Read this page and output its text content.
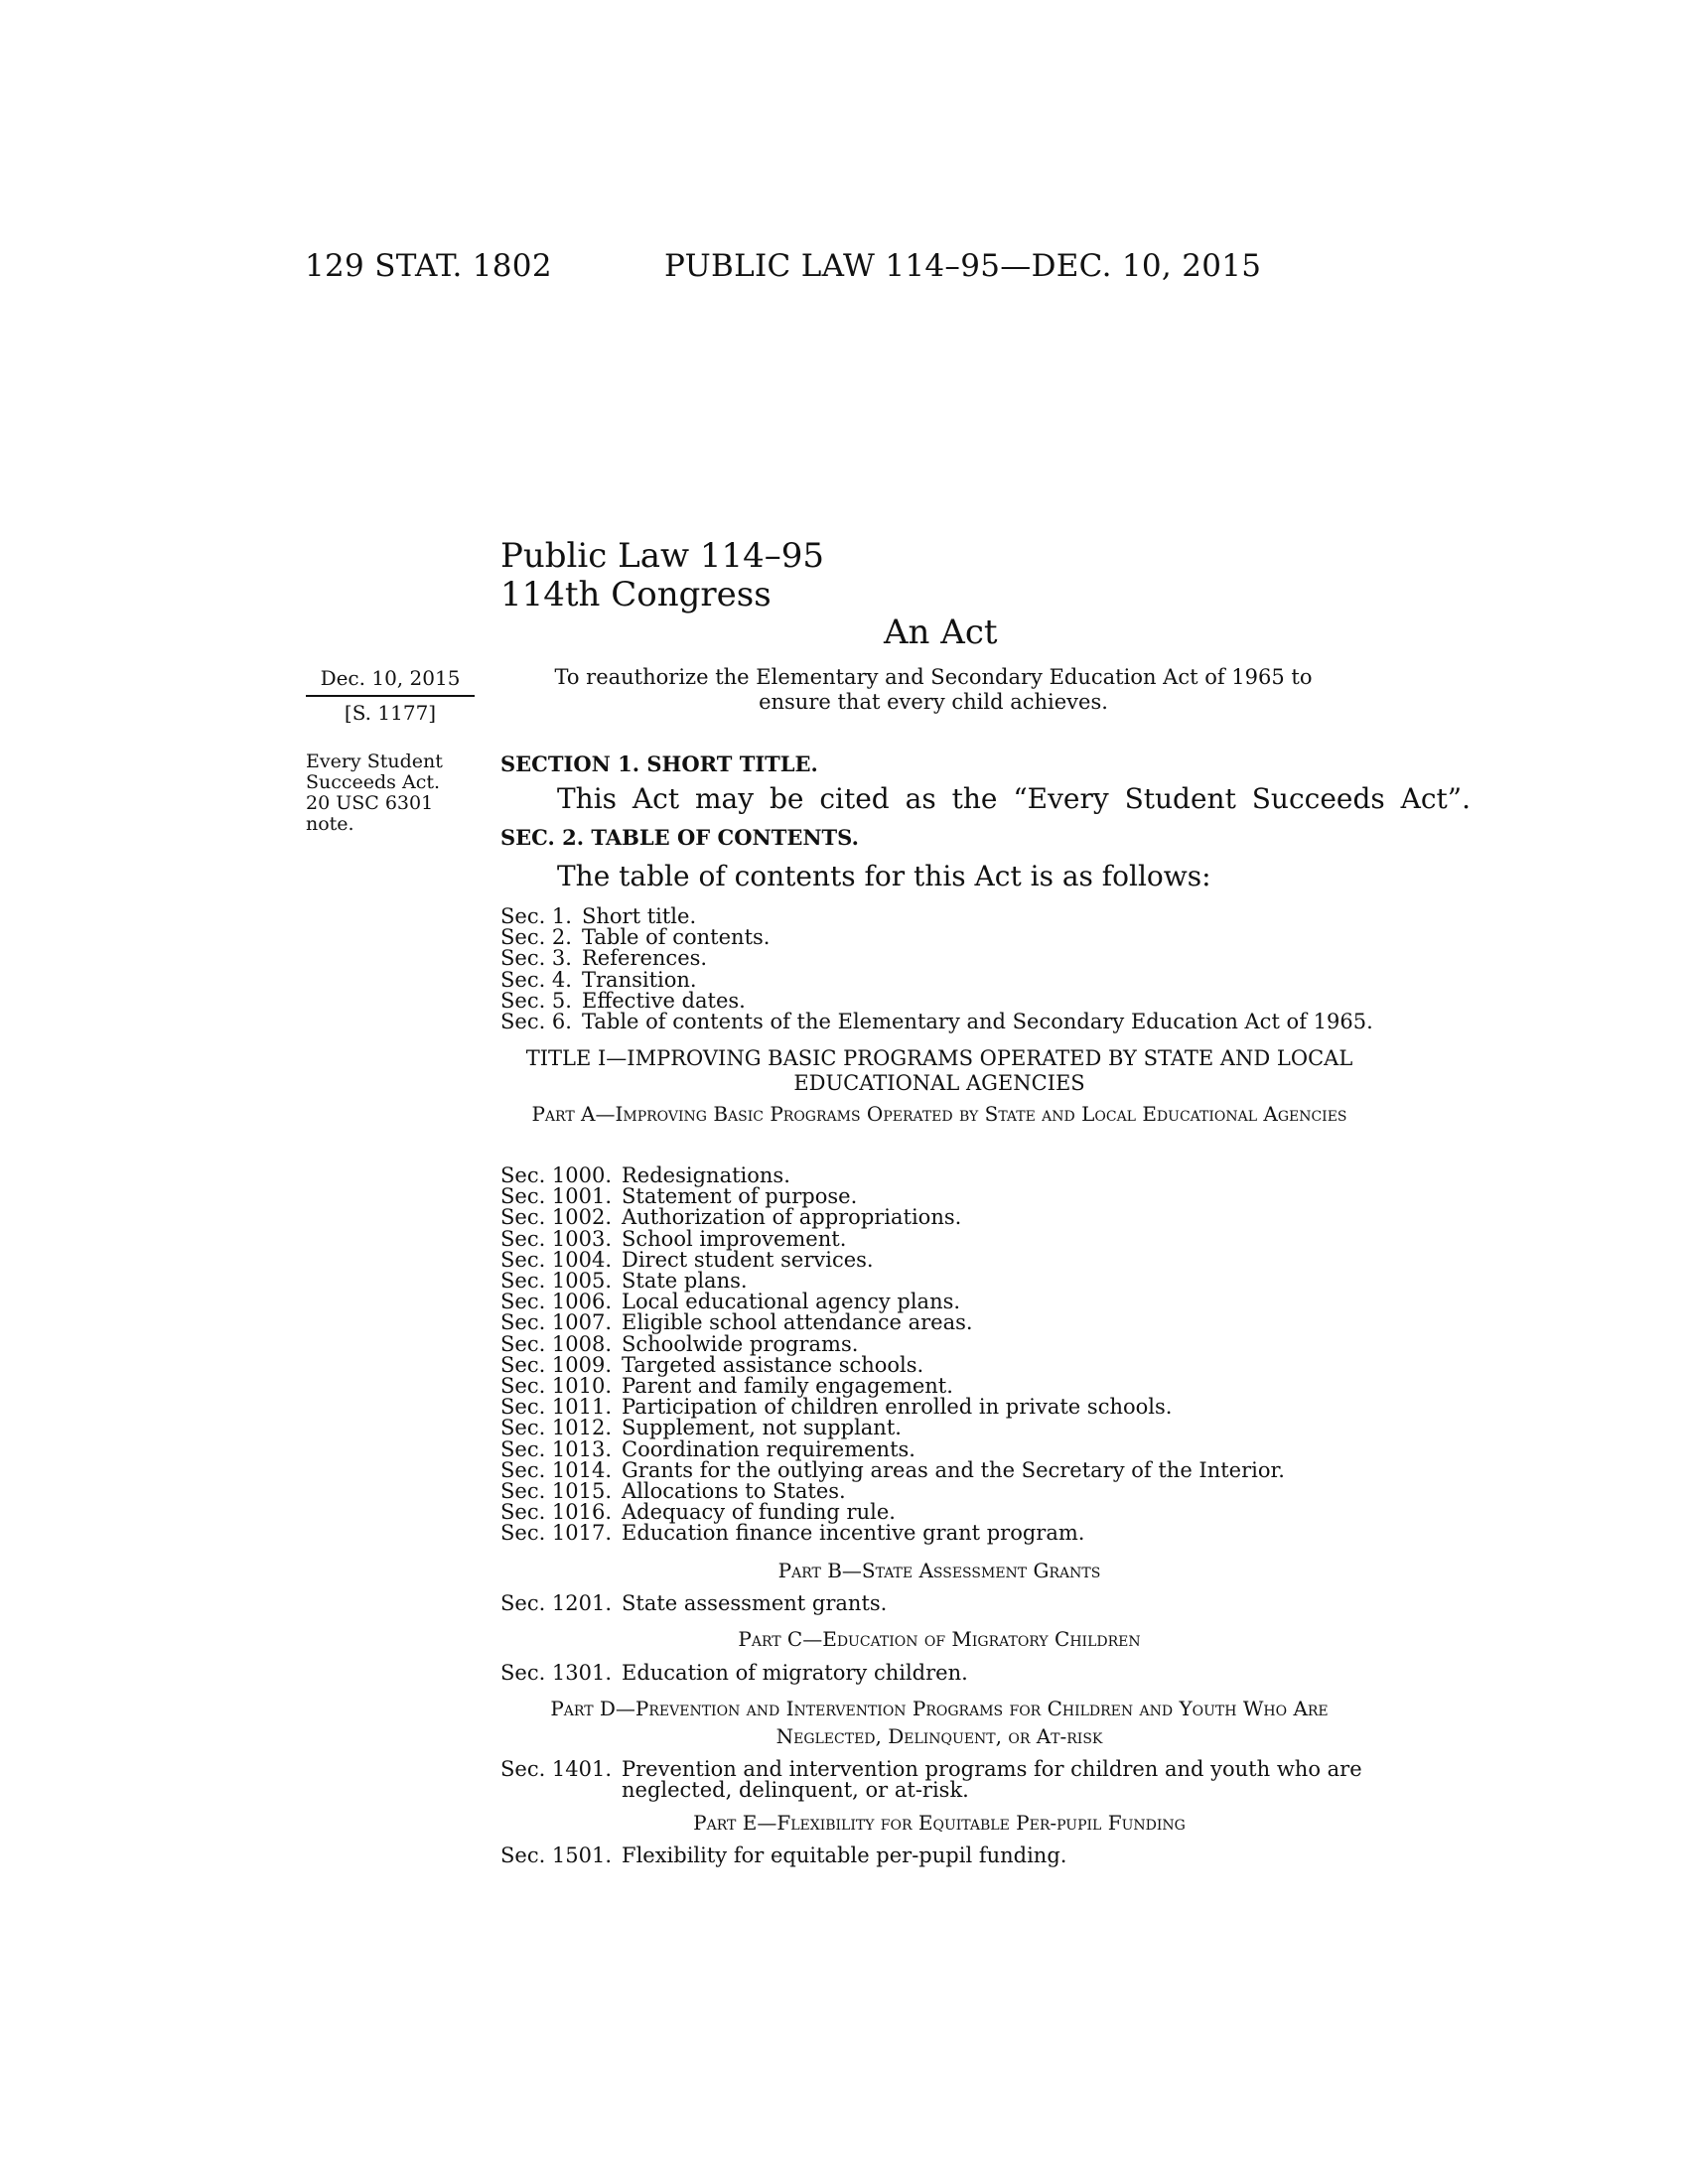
129 STAT. 1802	PUBLIC LAW 114–95—DEC. 10, 2015
Public Law 114–95
114th Congress
An Act
Dec. 10, 2015
[S. 1177]
Every Student Succeeds Act. 20 USC 6301 note.
To reauthorize the Elementary and Secondary Education Act of 1965 to ensure that every child achieves.
SECTION 1. SHORT TITLE.
This Act may be cited as the “Every Student Succeeds Act”.
SEC. 2. TABLE OF CONTENTS.
The table of contents for this Act is as follows:
Sec. 1. Short title.
Sec. 2. Table of contents.
Sec. 3. References.
Sec. 4. Transition.
Sec. 5. Effective dates.
Sec. 6. Table of contents of the Elementary and Secondary Education Act of 1965.
TITLE I—IMPROVING BASIC PROGRAMS OPERATED BY STATE AND LOCAL EDUCATIONAL AGENCIES
Part A—Improving Basic Programs Operated by State and Local Educational Agencies
Sec. 1000. Redesignations.
Sec. 1001. Statement of purpose.
Sec. 1002. Authorization of appropriations.
Sec. 1003. School improvement.
Sec. 1004. Direct student services.
Sec. 1005. State plans.
Sec. 1006. Local educational agency plans.
Sec. 1007. Eligible school attendance areas.
Sec. 1008. Schoolwide programs.
Sec. 1009. Targeted assistance schools.
Sec. 1010. Parent and family engagement.
Sec. 1011. Participation of children enrolled in private schools.
Sec. 1012. Supplement, not supplant.
Sec. 1013. Coordination requirements.
Sec. 1014. Grants for the outlying areas and the Secretary of the Interior.
Sec. 1015. Allocations to States.
Sec. 1016. Adequacy of funding rule.
Sec. 1017. Education finance incentive grant program.
Part B—State Assessment Grants
Sec. 1201. State assessment grants.
Part C—Education of Migratory Children
Sec. 1301. Education of migratory children.
Part D—Prevention and Intervention Programs for Children and Youth Who Are Neglected, Delinquent, or At-risk
Sec. 1401. Prevention and intervention programs for children and youth who are neglected, delinquent, or at-risk.
Part E—Flexibility for Equitable Per-pupil Funding
Sec. 1501. Flexibility for equitable per-pupil funding.
